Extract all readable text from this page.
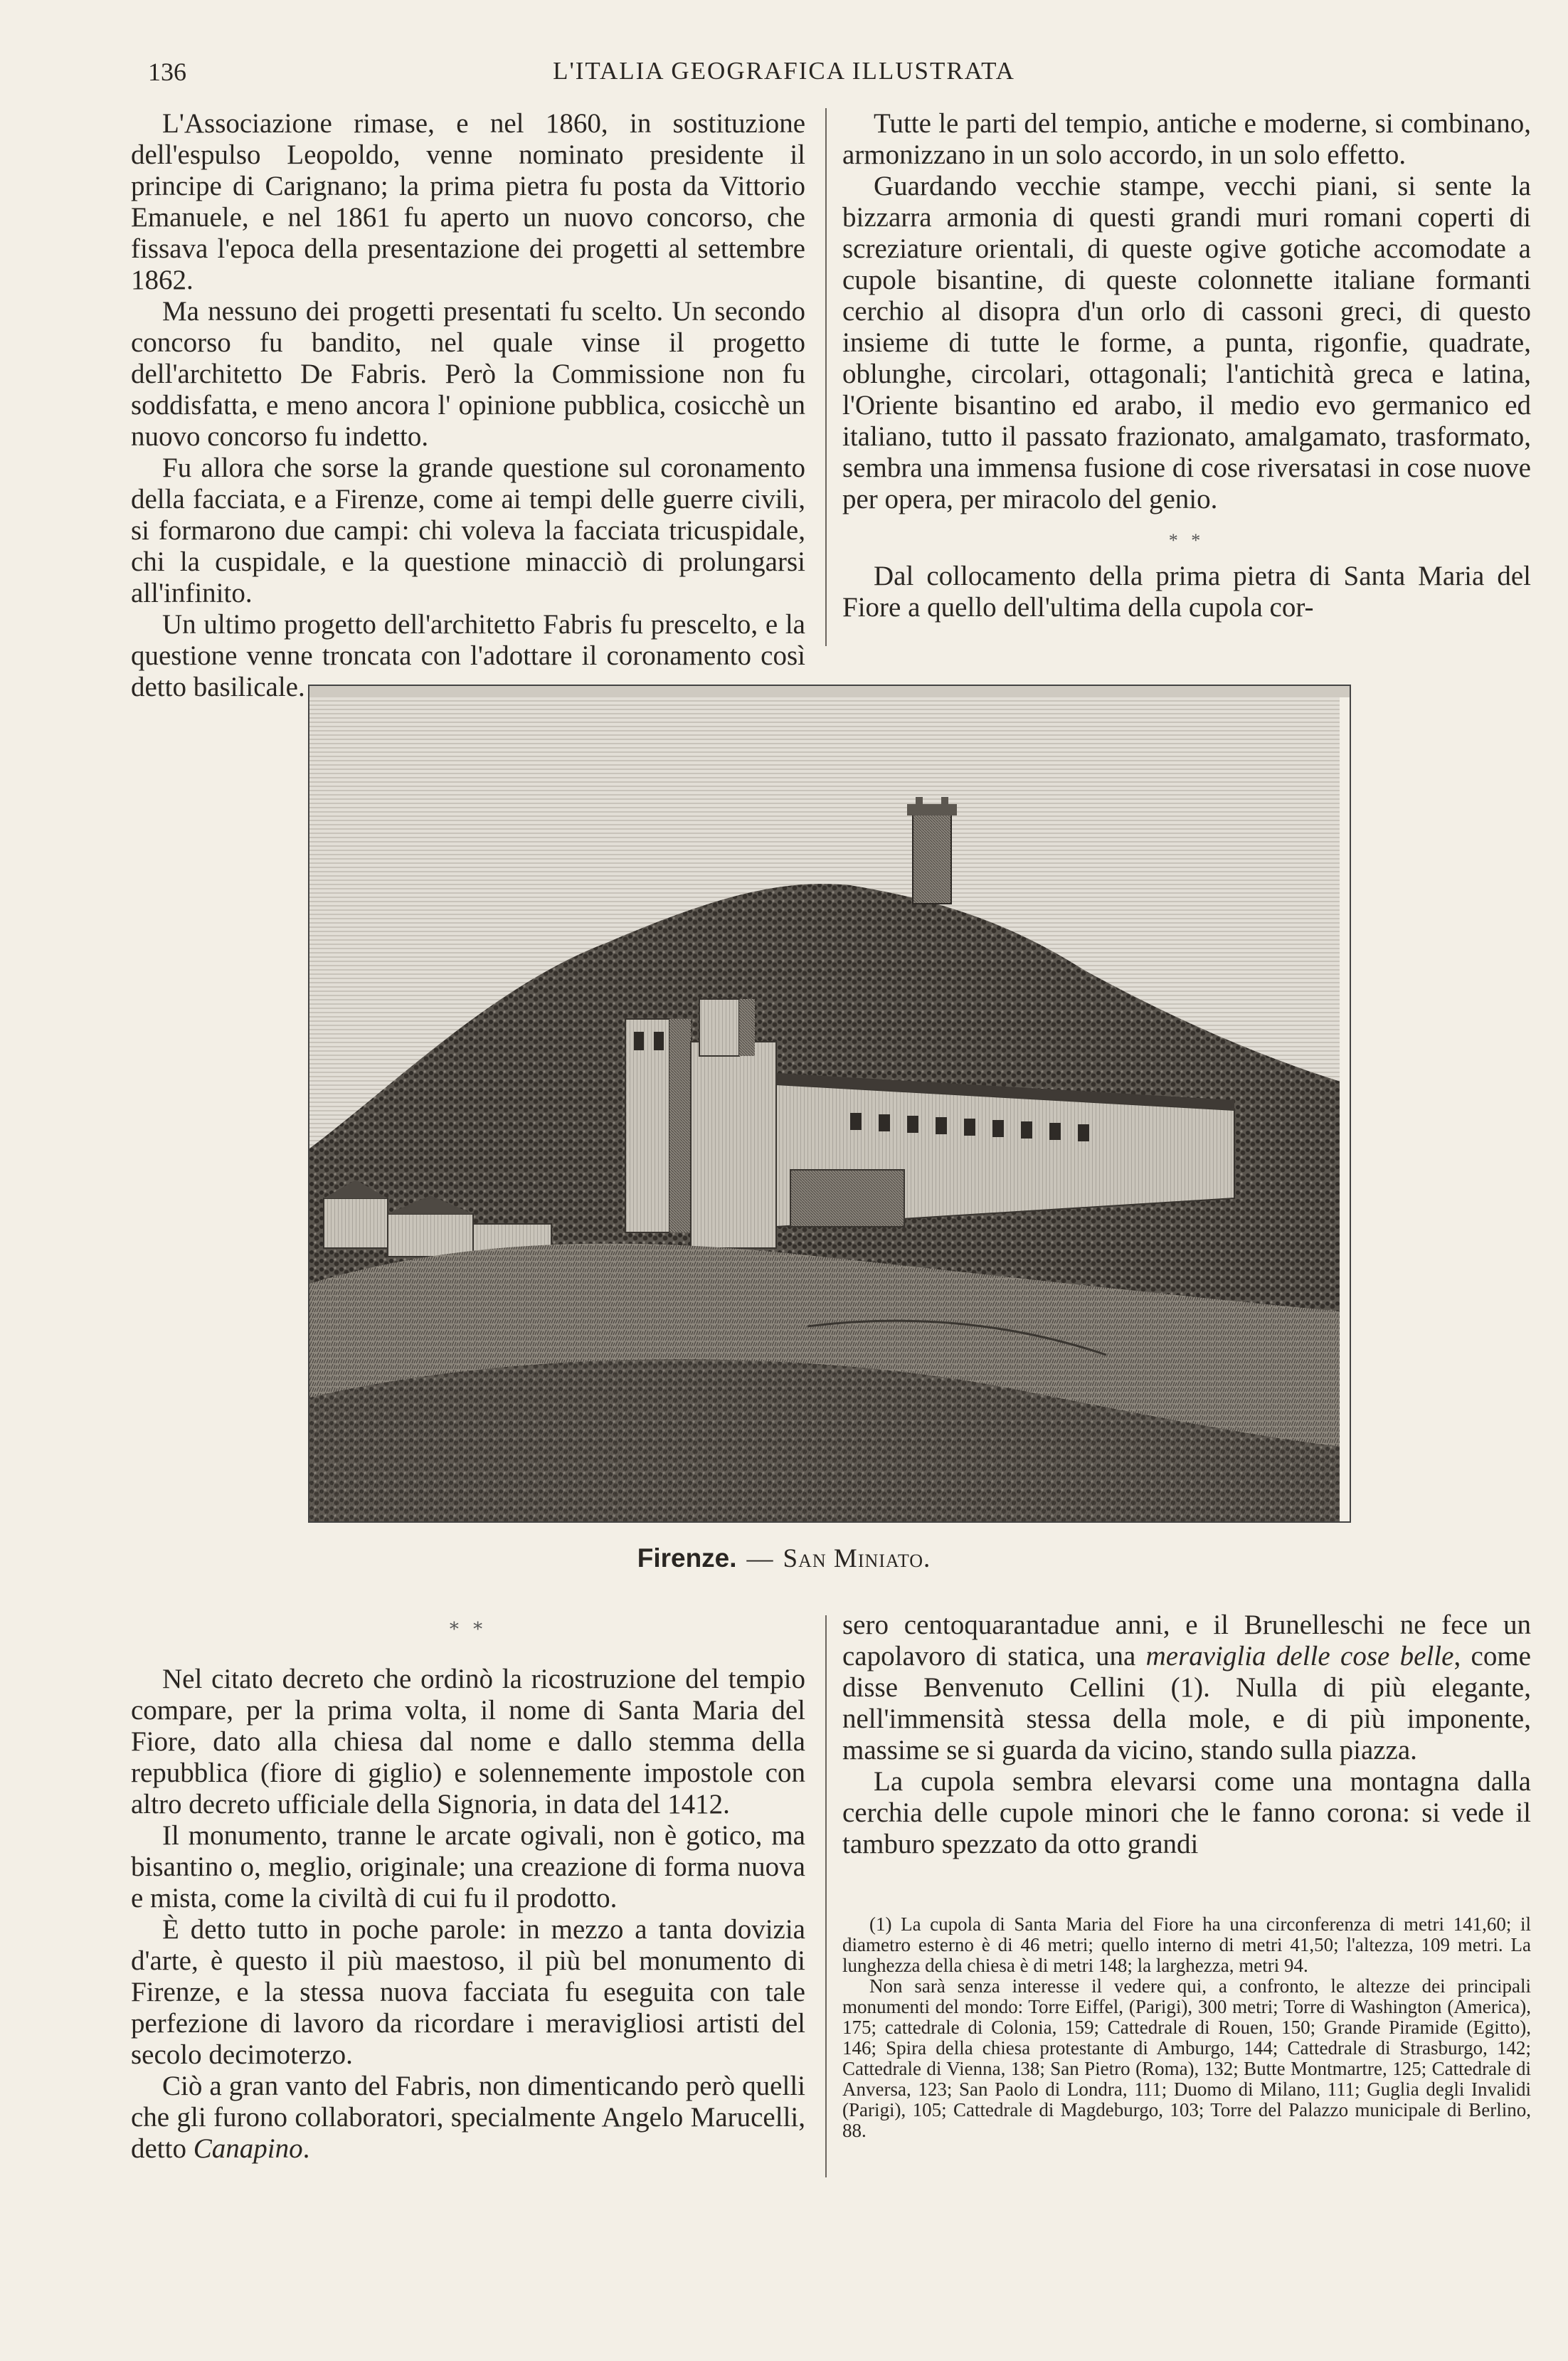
136	L'ITALIA GEOGRAFICA ILLUSTRATA

L'Associazione rimase, e nel 1860, in sostituzione dell'espulso Leopoldo, venne nominato presidente il principe di Carignano; la prima pietra fu posta da Vittorio Emanuele, e nel 1861 fu aperto un nuovo concorso, che fissava l'epoca della presentazione dei progetti al settembre 1862.

Ma nessuno dei progetti presentati fu scelto. Un secondo concorso fu bandito, nel quale vinse il progetto dell'architetto De Fabris. Però la Commissione non fu soddisfatta, e meno ancora l' opinione pubblica, cosicchè un nuovo concorso fu indetto.

Fu allora che sorse la grande questione sul coronamento della facciata, e a Firenze, come ai tempi delle guerre civili, si formarono due campi: chi voleva la facciata tricuspidale, chi la cuspidale, e la questione minacciò di prolungarsi all'infinito.

Un ultimo progetto dell'architetto Fabris fu prescelto, e la questione venne troncata con l'adottare il coronamento così detto basilicale.

Tutte le parti del tempio, antiche e moderne, si combinano, armonizzano in un solo accordo, in un solo effetto.

Guardando vecchie stampe, vecchi piani, si sente la bizzarra armonia di questi grandi muri romani coperti di screziature orientali, di queste ogive gotiche accomodate a cupole bisantine, di queste colonnette italiane formanti cerchio al disopra d'un orlo di cassoni greci, di questo insieme di tutte le forme, a punta, rigonfie, quadrate, oblunghe, circolari, ottagonali; l'antichità greca e latina, l'Oriente bisantino ed arabo, il medio evo germanico ed italiano, tutto il passato frazionato, amalgamato, trasformato, sembra una immensa fusione di cose riversatasi in cose nuove per opera, per miracolo del genio.

* *

Dal collocamento della prima pietra di Santa Maria del Fiore a quello dell'ultima della cupola cor-

Firenze. — San Miniato.
* *

Nel citato decreto che ordinò la ricostruzione del tempio compare, per la prima volta, il nome di Santa Maria del Fiore, dato alla chiesa dal nome e dallo stemma della repubblica (fiore di giglio) e solennemente impostole con altro decreto ufficiale della Signoria, in data del 1412.

Il monumento, tranne le arcate ogivali, non è gotico, ma bisantino o, meglio, originale; una creazione di forma nuova e mista, come la civiltà di cui fu il prodotto.

È detto tutto in poche parole: in mezzo a tanta dovizia d'arte, è questo il più maestoso, il più bel monumento di Firenze, e la stessa nuova facciata fu eseguita con tale perfezione di lavoro da ricordare i meravigliosi artisti del secolo decimoterzo.

Ciò a gran vanto del Fabris, non dimenticando però quelli che gli furono collaboratori, specialmente Angelo Marucelli, detto Canapino.

sero centoquarantadue anni, e il Brunelleschi ne fece un capolavoro di statica, una meraviglia delle cose belle, come disse Benvenuto Cellini (1). Nulla di più elegante, nell'immensità stessa della mole, e di più imponente, massime se si guarda da vicino, stando sulla piazza.

La cupola sembra elevarsi come una montagna dalla cerchia delle cupole minori che le fanno corona: si vede il tamburo spezzato da otto grandi

(1) La cupola di Santa Maria del Fiore ha una circonferenza di metri 141,60; il diametro esterno è di 46 metri; quello interno di metri 41,50; l'altezza, 109 metri. La lunghezza della chiesa è di metri 148; la larghezza, metri 94.

Non sarà senza interesse il vedere qui, a confronto, le altezze dei principali monumenti del mondo: Torre Eiffel, (Parigi), 300 metri; Torre di Washington (America), 175; cattedrale di Colonia, 159; Cattedrale di Rouen, 150; Grande Piramide (Egitto), 146; Spira della chiesa protestante di Amburgo, 144; Cattedrale di Strasburgo, 142; Cattedrale di Vienna, 138; San Pietro (Roma), 132; Butte Montmartre, 125; Cattedrale di Anversa, 123; San Paolo di Londra, 111; Duomo di Milano, 111; Guglia degli Invalidi (Parigi), 105; Cattedrale di Magdeburgo, 103; Torre del Palazzo municipale di Berlino, 88.
